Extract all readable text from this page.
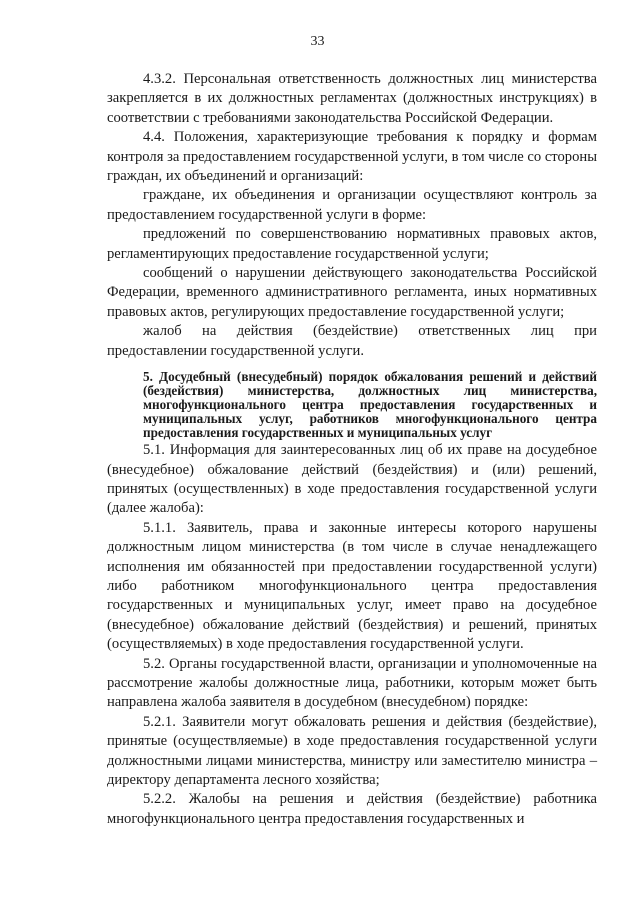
33

4.3.2. Персональная ответственность должностных лиц министерства закрепляется в их должностных регламентах (должностных инструкциях) в соответствии с требованиями законодательства Российской Федерации.

4.4. Положения, характеризующие требования к порядку и формам контроля за предоставлением государственной услуги, в том числе со стороны граждан, их объединений и организаций:

граждане, их объединения и организации осуществляют контроль за предоставлением государственной услуги в форме:

предложений по совершенствованию нормативных правовых актов, регламентирующих предоставление государственной услуги;

сообщений о нарушении действующего законодательства Российской Федерации, временного административного регламента, иных нормативных правовых актов, регулирующих предоставление государственной услуги;

жалоб на действия (бездействие) ответственных лиц при предоставлении государственной услуги.

5. Досудебный (внесудебный) порядок обжалования решений и действий (бездействия) министерства, должностных лиц министерства, многофункционального центра предоставления государственных и муниципальных услуг, работников многофункционального центра предоставления государственных и муниципальных услуг

5.1. Информация для заинтересованных лиц об их праве на досудебное (внесудебное) обжалование действий (бездействия) и (или) решений, принятых (осуществленных) в ходе предоставления государственной услуги (далее жалоба):

5.1.1. Заявитель, права и законные интересы которого нарушены должностным лицом министерства (в том числе в случае ненадлежащего исполнения им обязанностей при предоставлении государственной услуги) либо работником многофункционального центра предоставления государственных и муниципальных услуг, имеет право на досудебное (внесудебное) обжалование действий (бездействия) и решений, принятых (осуществляемых) в ходе предоставления государственной услуги.

5.2. Органы государственной власти, организации и уполномоченные на рассмотрение жалобы должностные лица, работники, которым может быть направлена жалоба заявителя в досудебном (внесудебном) порядке:

5.2.1. Заявители могут обжаловать решения и действия (бездействие), принятые (осуществляемые) в ходе предоставления государственной услуги должностными лицами министерства, министру или заместителю министра – директору департамента лесного хозяйства;

5.2.2. Жалобы на решения и действия (бездействие) работника многофункционального центра предоставления государственных и
